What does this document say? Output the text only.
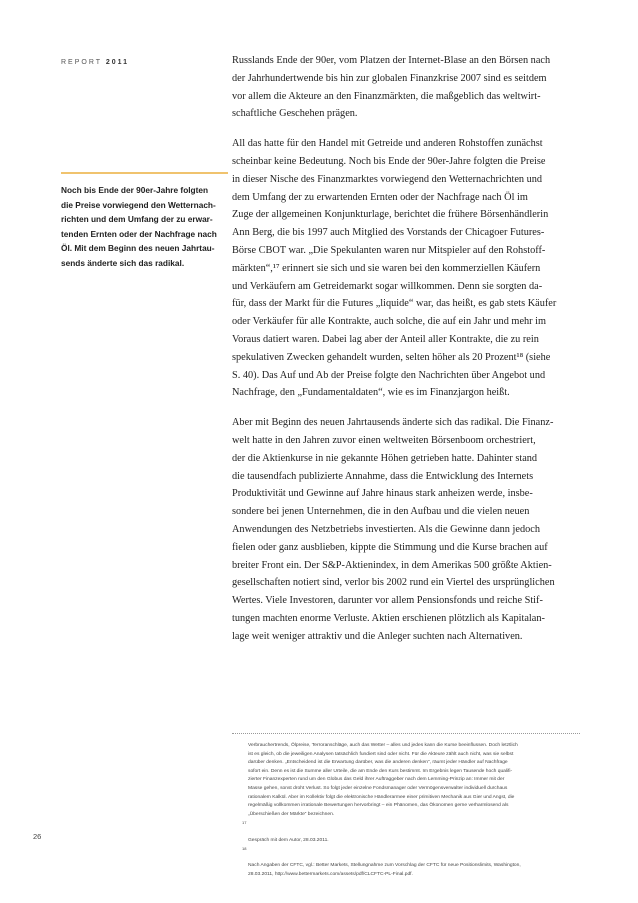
REPORT 2011
Noch bis Ende der 90er-Jahre folgten
die Preise vorwiegend den Wetternach-
richten und dem Umfang der zu erwar-
tenden Ernten oder der Nachfrage nach
Öl. Mit dem Beginn des neuen Jahrtau-
sends änderte sich das radikal.

Russlands Ende der 90er, vom Platzen der Internet-Blase an den Börsen nach
der Jahrhundertwende bis hin zur globalen Finanzkrise 2007 sind es seitdem
vor allem die Akteure an den Finanzmärkten, die maßgeblich das weltwirt-
schaftliche Geschehen prägen.

All das hatte für den Handel mit Getreide und anderen Rohstoffen zunächst
scheinbar keine Bedeutung. Noch bis Ende der 90er-Jahre folgten die Preise
in dieser Nische des Finanzmarktes vorwiegend den Wetternachrichten und
dem Umfang der zu erwartenden Ernten oder der Nachfrage nach Öl im
Zuge der allgemeinen Konjunkturlage, berichtet die frühere Börsenhändlerin
Ann Berg, die bis 1997 auch Mitglied des Vorstands der Chicagoer Futures-
Börse CBOT war. „Die Spekulanten waren nur Mitspieler auf den Rohstoff-
märkten“,¹⁷ erinnert sie sich und sie waren bei den kommerziellen Käufern
und Verkäufern am Getreidemarkt sogar willkommen. Denn sie sorgten da-
für, dass der Markt für die Futures „liquide“ war, das heißt, es gab stets Käufer
oder Verkäufer für alle Kontrakte, auch solche, die auf ein Jahr und mehr im
Voraus datiert waren. Dabei lag aber der Anteil aller Kontrakte, die zu rein
spekulativen Zwecken gehandelt wurden, selten höher als 20 Prozent¹⁸ (siehe
S. 40). Das Auf und Ab der Preise folgte den Nachrichten über Angebot und
Nachfrage, den „Fundamentaldaten“, wie es im Finanzjargon heißt.

Aber mit Beginn des neuen Jahrtausends änderte sich das radikal. Die Finanz-
welt hatte in den Jahren zuvor einen weltweiten Börsenboom orchestriert,
der die Aktienkurse in nie gekannte Höhen getrieben hatte. Dahinter stand
die tausendfach publizierte Annahme, dass die Entwicklung des Internets
Produktivität und Gewinne auf Jahre hinaus stark anheizen werde, insbe-
sondere bei jenen Unternehmen, die in den Aufbau und die vielen neuen
Anwendungen des Netzbetriebs investierten. Als die Gewinne dann jedoch
fielen oder ganz ausblieben, kippte die Stimmung und die Kurse brachen auf
breiter Front ein. Der S&P-Aktienindex, in dem Amerikas 500 größte Aktien-
gesellschaften notiert sind, verlor bis 2002 rund ein Viertel des ursprünglichen
Wertes. Viele Investoren, darunter vor allem Pensionsfonds und reiche Stif-
tungen machten enorme Verluste. Aktien erschienen plötzlich als Kapitalan-
lage weit weniger attraktiv und die Anleger suchten nach Alternativen.

Verbrauchertrends, Ölpreise, Terroranschläge, auch das Wetter – alles und jedes kann die Kurse beeinflussen. Doch letztlich
ist es gleich, ob die jeweiligen Analysen tatsächlich fundiert sind oder nicht. Für die Akteure zählt auch nicht, was sie selbst
darüber denken. „Entscheidend ist die Erwartung darüber, was die anderen denken“, räumt jeder Händler auf Nachfrage
sofort ein. Denn es ist die Summe aller Urteile, die am Ende den Kurs bestimmt. Im Ergebnis legen Tausende hoch qualifi-
zierter Finanzexperten rund um den Globus das Geld ihrer Auftraggeber nach dem Lemming-Prinzip an: Immer mit der
Masse gehen, sonst droht Verlust. So folgt jeder einzelne Fondsmanager oder Vermögensverwalter individuell durchaus
rationalem Kalkül. Aber im Kollektiv folgt die elektronische Händlerarmee einer primitiven Mechanik aus Gier und Angst, die
regelmäßig vollkommen irrationale Bewertungen hervorbringt – ein Phänomen, das Ökonomen gerne verharmlosend als
„Überschießen der Märkte“ bezeichnen.

17

Gespräch mit dem Autor, 28.03.2011.

18

Nach Angaben der CFTC, vgl.: Better Markets, Stellungnahme zum Vorschlag der CFTC für neue Positionslimits, Washington,
28.03.2011, http://www.bettermarkets.com/assets/pdf/CLCFTC-PL-Final.pdf.

26
